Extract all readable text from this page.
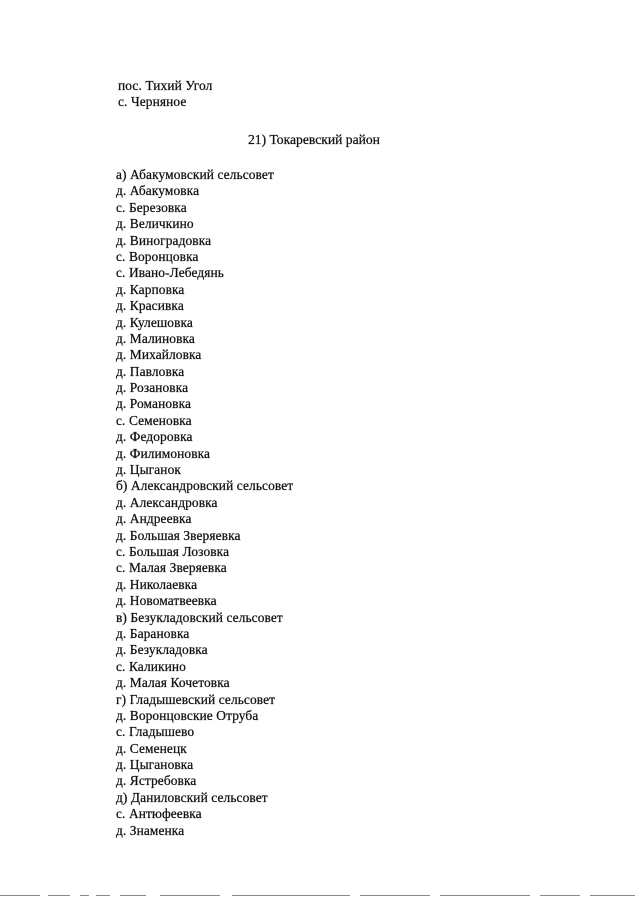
пос. Тихий Угол
с. Черняное
21) Токаревский район
а) Абакумовский сельсовет
д. Абакумовка
с. Березовка
д. Величкино
д. Виноградовка
с. Воронцовка
с. Ивано-Лебедянь
д. Карповка
д. Красивка
д. Кулешовка
д. Малиновка
д. Михайловка
д. Павловка
д. Розановка
д. Романовка
с. Семеновка
д. Федоровка
д. Филимоновка
д. Цыганок
б) Александровский сельсовет
д. Александровка
д. Андреевка
д. Большая Зверяевка
с. Большая Лозовка
с. Малая Зверяевка
д. Николаевка
д. Новоматвеевка
в) Безукладовский сельсовет
д. Барановка
д. Безукладовка
с. Каликино
д. Малая Кочетовка
г) Гладышевский сельсовет
д. Воронцовские Отруба
с. Гладышево
д. Семенецк
д. Цыгановка
д. Ястребовка
д) Даниловский сельсовет
с. Антюфеевка
д. Знаменка
